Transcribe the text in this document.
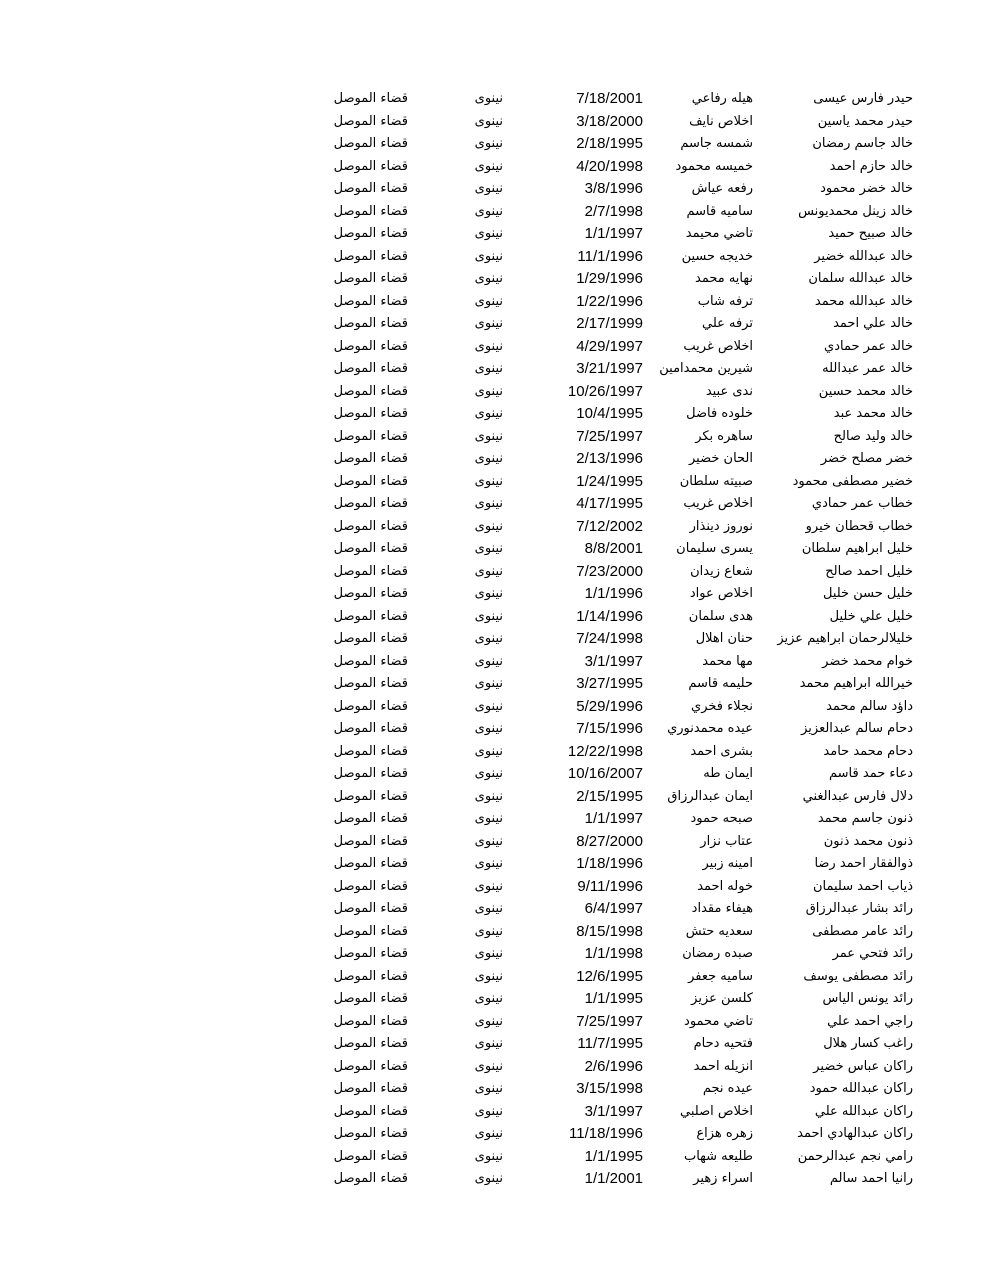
حيدر فارس عيسى
هيله رفاعي
7/18/2001
نينوى
قضاء الموصل
حيدر محمد ياسين
اخلاص نايف
3/18/2000
نينوى
قضاء الموصل
خالد جاسم رمضان
شمسه جاسم
2/18/1995
نينوى
قضاء الموصل
خالد حازم احمد
خميسه محمود
4/20/1998
نينوى
قضاء الموصل
خالد خضر محمود
رفعه عياش
3/8/1996
نينوى
قضاء الموصل
خالد زينل محمديونس
ساميه قاسم
2/7/1998
نينوى
قضاء الموصل
خالد صبيح حميد
تاضي محيمد
1/1/1997
نينوى
قضاء الموصل
خالد عبدالله خضير
خديجه حسين
11/1/1996
نينوى
قضاء الموصل
خالد عبدالله سلمان
نهايه محمد
1/29/1996
نينوى
قضاء الموصل
خالد عبدالله محمد
ترفه شاب
1/22/1996
نينوى
قضاء الموصل
خالد علي احمد
ترفه علي
2/17/1999
نينوى
قضاء الموصل
خالد عمر حمادي
اخلاص غريب
4/29/1997
نينوى
قضاء الموصل
خالد عمر عبدالله
شيرين محمدامين
3/21/1997
نينوى
قضاء الموصل
خالد محمد حسين
ندى عبيد
10/26/1997
نينوى
قضاء الموصل
خالد محمد عبد
خلوده فاضل
10/4/1995
نينوى
قضاء الموصل
خالد وليد صالح
ساهره بكر
7/25/1997
نينوى
قضاء الموصل
خضر مصلح خضر
الحان خضير
2/13/1996
نينوى
قضاء الموصل
خضير مصطفى محمود
صبيته سلطان
1/24/1995
نينوى
قضاء الموصل
خطاب عمر حمادي
اخلاص غريب
4/17/1995
نينوى
قضاء الموصل
خطاب قحطان خيرو
نوروز دينذار
7/12/2002
نينوى
قضاء الموصل
خليل ابراهيم سلطان
يسرى سليمان
8/8/2001
نينوى
قضاء الموصل
خليل احمد صالح
شعاع زيدان
7/23/2000
نينوى
قضاء الموصل
خليل حسن خليل
اخلاص عواد
1/1/1996
نينوى
قضاء الموصل
خليل علي خليل
هدى سلمان
1/14/1996
نينوى
قضاء الموصل
خليلالرحمان ابراهيم عزيز
حنان اهلال
7/24/1998
نينوى
قضاء الموصل
خوام محمد خضر
مها محمد
3/1/1997
نينوى
قضاء الموصل
خيرالله ابراهيم محمد
حليمه قاسم
3/27/1995
نينوى
قضاء الموصل
داؤد سالم محمد
نجلاء فخري
5/29/1996
نينوى
قضاء الموصل
دحام سالم عبدالعزيز
عيده محمدنوري
7/15/1996
نينوى
قضاء الموصل
دحام محمد حامد
بشرى احمد
12/22/1998
نينوى
قضاء الموصل
دعاء حمد قاسم
ايمان طه
10/16/2007
نينوى
قضاء الموصل
دلال فارس عبدالغني
ايمان عبدالرزاق
2/15/1995
نينوى
قضاء الموصل
ذنون جاسم محمد
صبحه حمود
1/1/1997
نينوى
قضاء الموصل
ذنون محمد ذنون
عتاب نزار
8/27/2000
نينوى
قضاء الموصل
ذوالفقار احمد رضا
امينه زبير
1/18/1996
نينوى
قضاء الموصل
ذياب احمد سليمان
خوله احمد
9/11/1996
نينوى
قضاء الموصل
رائد بشار عبدالرزاق
هيفاء مقداد
6/4/1997
نينوى
قضاء الموصل
رائد عامر مصطفى
سعديه حتش
8/15/1998
نينوى
قضاء الموصل
رائد فتحي عمر
صبده رمضان
1/1/1998
نينوى
قضاء الموصل
رائد مصطفى يوسف
ساميه جعفر
12/6/1995
نينوى
قضاء الموصل
رائد يونس الياس
كلسن عزيز
1/1/1995
نينوى
قضاء الموصل
راجي احمد علي
تاضي محمود
7/25/1997
نينوى
قضاء الموصل
راغب كسار هلال
فتحيه دحام
11/7/1995
نينوى
قضاء الموصل
راكان عباس خضير
انزيله احمد
2/6/1996
نينوى
قضاء الموصل
راكان عبدالله حمود
عيده نجم
3/15/1998
نينوى
قضاء الموصل
راكان عبدالله علي
اخلاص اصلبي
3/1/1997
نينوى
قضاء الموصل
راكان عبدالهادي احمد
زهره هزاع
11/18/1996
نينوى
قضاء الموصل
رامي نجم عبدالرحمن
طليعه شهاب
1/1/1995
نينوى
قضاء الموصل
رانيا احمد سالم
اسراء زهير
1/1/2001
نينوى
قضاء الموصل
